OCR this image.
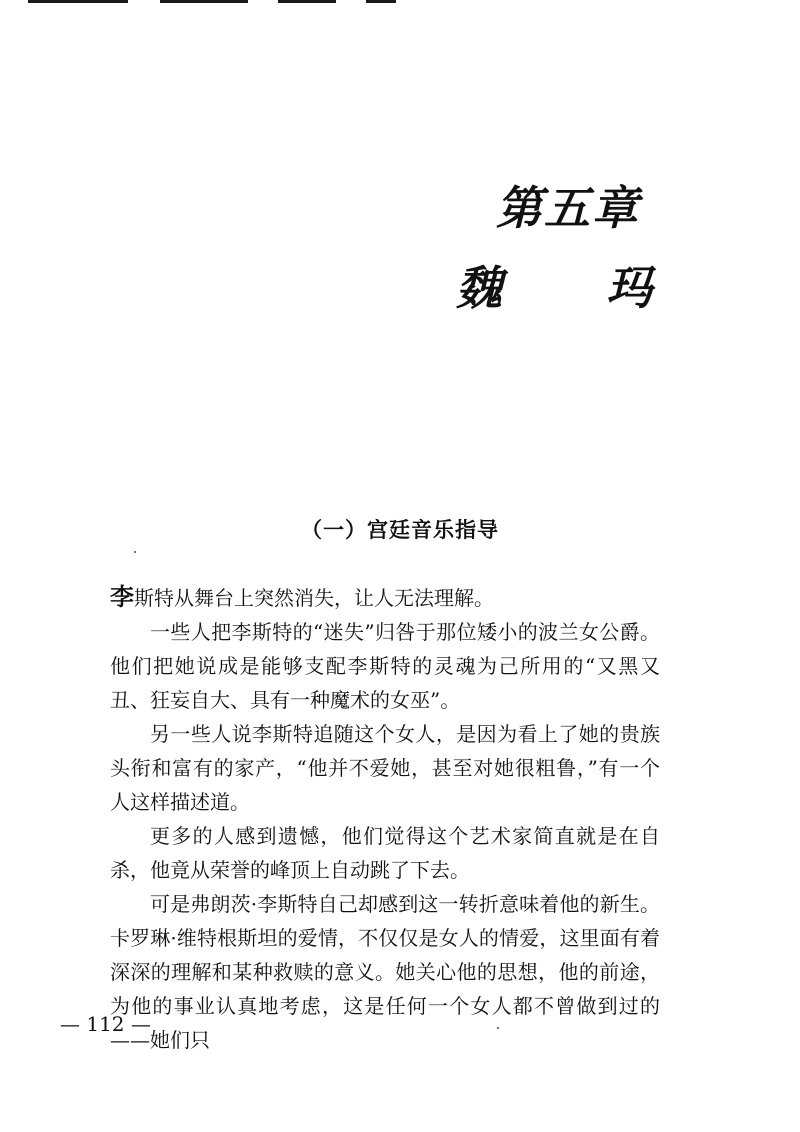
第五章
魏 玛
（一）宫廷音乐指导

李斯特从舞台上突然消失，让人无法理解。

一些人把李斯特的“迷失”归咎于那位矮小的波兰女公爵。他们把她说成是能够支配李斯特的灵魂为己所用的“又黑又丑、狂妄自大、具有一种魔术的女巫”。

另一些人说李斯特追随这个女人，是因为看上了她的贵族头衔和富有的家产，“他并不爱她，甚至对她很粗鲁，”有一个人这样描述道。

更多的人感到遗憾，他们觉得这个艺术家简直就是在自杀，他竟从荣誉的峰顶上自动跳了下去。

可是弗朗茨·李斯特自己却感到这一转折意味着他的新生。卡罗琳·维特根斯坦的爱情，不仅仅是女人的情爱，这里面有着深深的理解和某种救赎的意义。她关心他的思想，他的前途，为他的事业认真地考虑，这是任何一个女人都不曾做到过的——她们只

— 112 —
